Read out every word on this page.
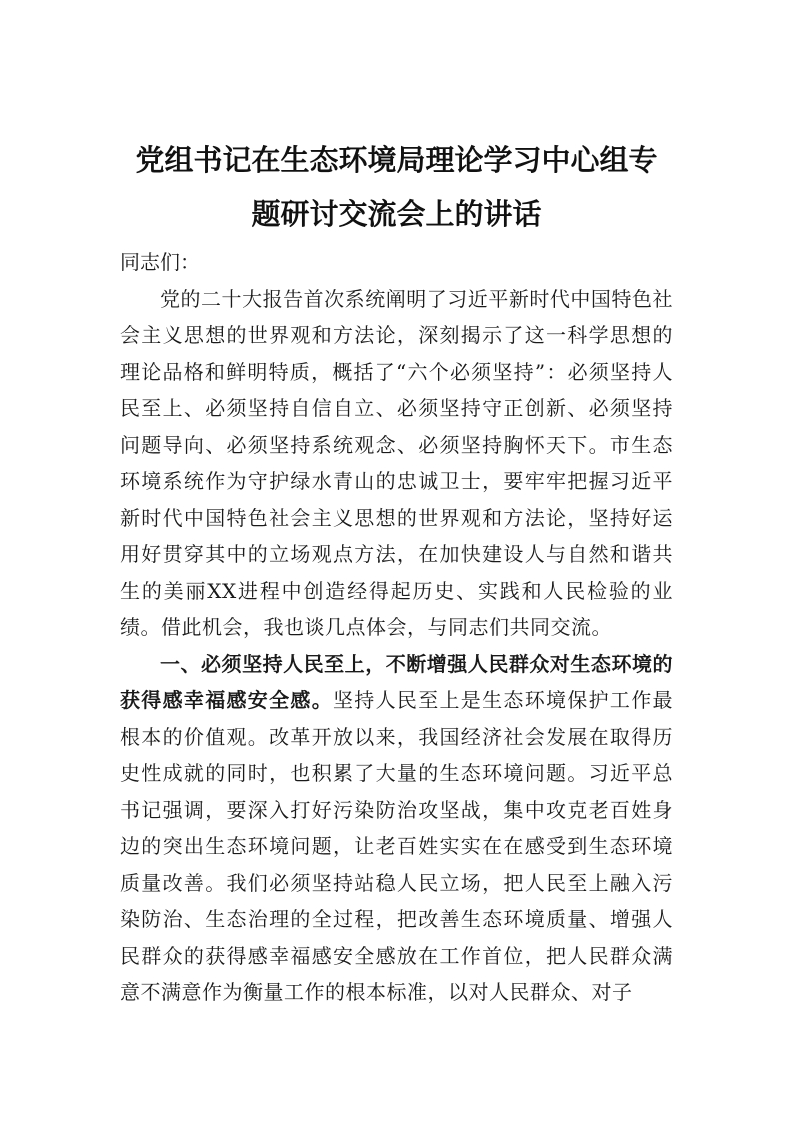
党组书记在生态环境局理论学习中心组专
题研讨交流会上的讲话

同志们：

党的二十大报告首次系统阐明了习近平新时代中国特色社会主义思想的世界观和方法论，深刻揭示了这一科学思想的理论品格和鲜明特质，概括了“六个必须坚持”：必须坚持人民至上、必须坚持自信自立、必须坚持守正创新、必须坚持问题导向、必须坚持系统观念、必须坚持胸怀天下。市生态环境系统作为守护绿水青山的忠诚卫士，要牢牢把握习近平新时代中国特色社会主义思想的世界观和方法论，坚持好运用好贯穿其中的立场观点方法，在加快建设人与自然和谐共生的美丽XX进程中创造经得起历史、实践和人民检验的业绩。借此机会，我也谈几点体会，与同志们共同交流。

一、必须坚持人民至上，不断增强人民群众对生态环境的获得感幸福感安全感。坚持人民至上是生态环境保护工作最根本的价值观。改革开放以来，我国经济社会发展在取得历史性成就的同时，也积累了大量的生态环境问题。习近平总书记强调，要深入打好污染防治攻坚战，集中攻克老百姓身边的突出生态环境问题，让老百姓实实在在感受到生态环境质量改善。我们必须坚持站稳人民立场，把人民至上融入污染防治、生态治理的全过程，把改善生态环境质量、增强人民群众的获得感幸福感安全感放在工作首位，把人民群众满意不满意作为衡量工作的根本标准，以对人民群众、对子
